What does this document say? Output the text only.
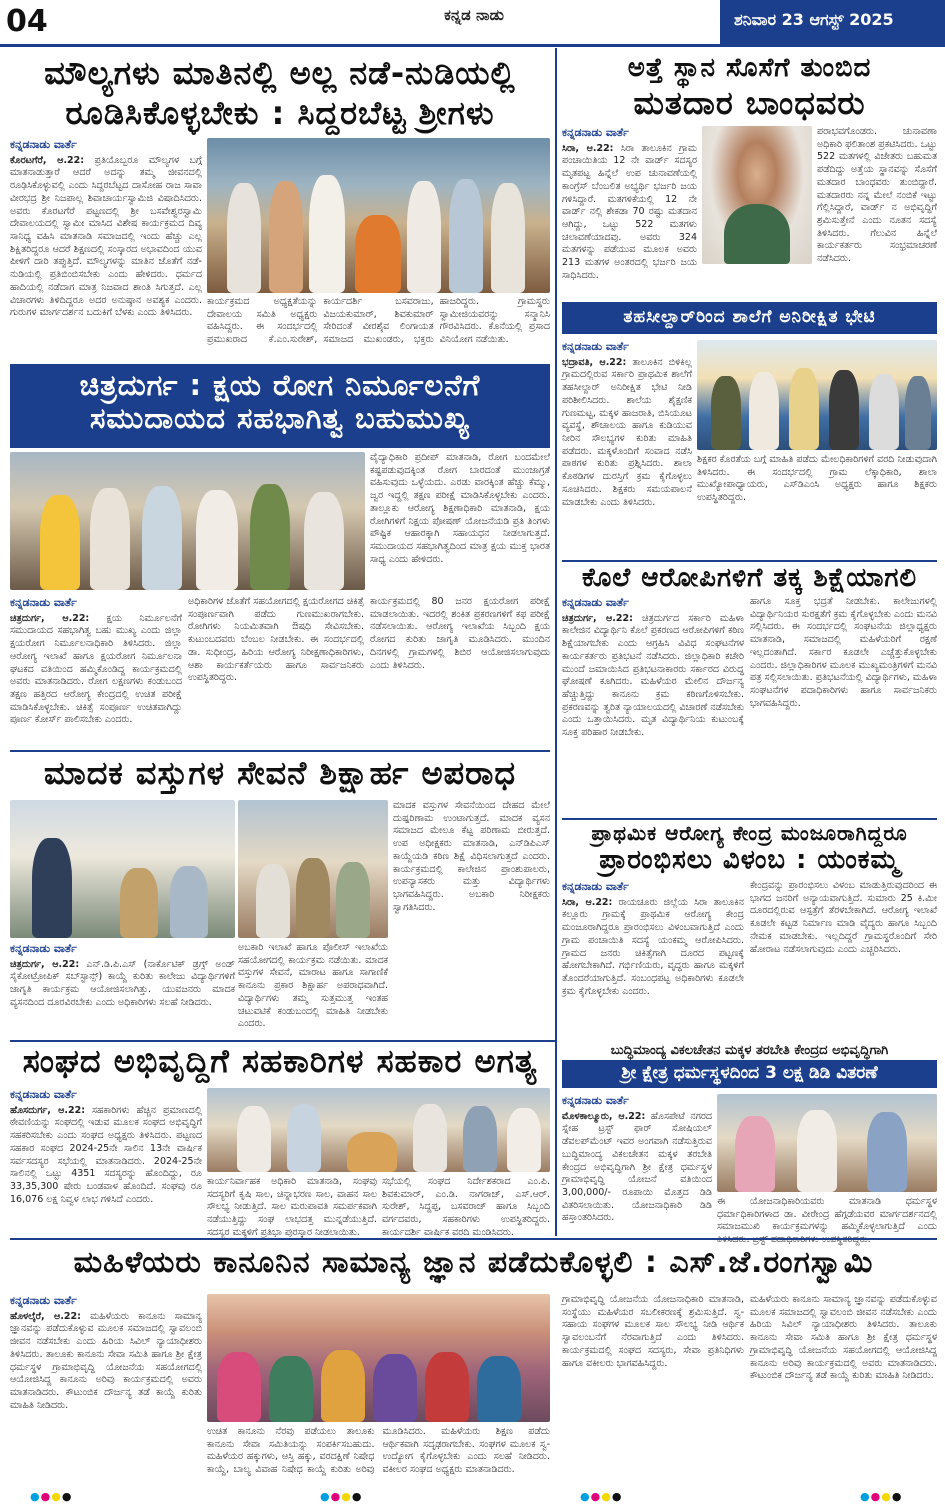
04	ಕನ್ನಡ ನಾಡು	ಶನಿವಾರ 23 ಆಗಸ್ಟ್ 2025
ಮೌಲ್ಯಗಳು ಮಾತಿನಲ್ಲಿ ಅಲ್ಲ ನಡೆ-ನುಡಿಯಲ್ಲಿ
ರೂಡಿಸಿಕೊಳ್ಳಬೇಕು : ಸಿದ್ದರಬೆಟ್ಟ ಶ್ರೀಗಳು
ಕನ್ನಡನಾಡು ವಾರ್ತೆ
ಕೊರಟಗೆರೆ, ಆ.22: ಪ್ರತಿಯೊಬ್ಬರೂ ಮೌಲ್ಯಗಳ ಬಗ್ಗೆ ಮಾತನಾಡುತ್ತಾರೆ ಆದರೆ ಅದನ್ನು ತಮ್ಮ ಜೀವನದಲ್ಲಿ ರೂಢಿಸಿಕೊಳ್ಳುವಲ್ಲಿ ಎಂದು ಸಿದ್ದರಬೆಟ್ಟದ ದಾಸೋಹ ರಾಜ ಸಾವಾ ವೀರಭದ್ರ ಶ್ರೀ ನಿಜಪಾಲ್ಲ ಶಿವಾಚಾರ್ಯಸ್ವಾಮಿಜಿ ವಿಷಾದಿಸಿದರು. ಅವರು ಕೊರಟಗೆರೆ ಪಟ್ಟಣದಲ್ಲಿ ಶ್ರೀ ಬಸವೇಶ್ವರಸ್ವಾಮಿ ದೇವಾಲಯದಲ್ಲಿ ಸ್ವಾಮೀ ಮಾಸಿದ ವಿಶೇಷ ಕಾರ್ಯಕ್ರಮದ ದಿವ್ಯ ಸಾನಿಧ್ಯ ವಹಿಸಿ ಮಾತನಾಡಿ ಸಮಾಜದಲ್ಲಿ ಇಂದು ಹೆಚ್ಚು ಎಲ್ಲ ಶಿಕ್ಷಿತರಿದ್ದರೂ ಆದರೆ ಶಿಕ್ಷಣದಲ್ಲಿ ಸಂಸ್ಕಾರದ ಅಭಾವದಿಂದ ಯುವ ಪೀಳಿಗೆ ದಾರಿ ತಪ್ಪುತ್ತಿದೆ. ಮೌಲ್ಯಗಳನ್ನು ಮಾತಿನ ಜೊತೆಗೆ ನಡೆ-ನುಡಿಯಲ್ಲಿ ಪ್ರತಿಬಿಂಬಿಸಬೇಕು ಎಂದು ಹೇಳಿದರು. ಧರ್ಮದ ಹಾದಿಯಲ್ಲಿ ನಡೆದಾಗ ಮಾತ್ರ ನಿಜವಾದ ಶಾಂತಿ ಸಿಗುತ್ತದೆ. ಎಲ್ಲ ವಿಚಾರಗಳು ತಿಳಿದಿದ್ದರೂ ಅದರ ಅನುಷ್ಠಾನ ಅವಶ್ಯಕ ಎಂದರು. ಗುರುಗಳ ಮಾರ್ಗದರ್ಶನ ಬದುಕಿಗೆ ಬೆಳಕು ಎಂದು ತಿಳಿಸಿದರು.
ಕಾರ್ಯಕ್ರಮದ ಅಧ್ಯಕ್ಷತೆಯನ್ನು ದೇವಾಲಯ ಸಮಿತಿ ಅಧ್ಯಕ್ಷರು ವಹಿಸಿದ್ದರು. ಈ ಸಂದರ್ಭದಲ್ಲಿ ಪ್ರಮುಖರಾದ ಕೆ.ಎಂ.ಸುರೇಶ್, ಕಾರ್ಯದರ್ಶಿ ಬಸವರಾಜು, ವಿಜಯಕುಮಾರ್, ಶಿವಕುಮಾರ್ ಸೇರಿದಂತೆ ವೀರಶೈವ ಲಿಂಗಾಯತ ಸಮಾಜದ ಮುಖಂಡರು, ಭಕ್ತರು ಹಾಜರಿದ್ದರು. ಗ್ರಾಮಸ್ಥರು ಸ್ವಾಮೀಜಿಯವರನ್ನು ಸನ್ಮಾನಿಸಿ ಗೌರವಿಸಿದರು. ಕೊನೆಯಲ್ಲಿ ಪ್ರಸಾದ ವಿನಿಯೋಗ ನಡೆಯಿತು.
ಚಿತ್ರದುರ್ಗ : ಕ್ಷಯ ರೋಗ ನಿರ್ಮೂಲನೆಗೆ
ಸಮುದಾಯದ ಸಹಭಾಗಿತ್ವ ಬಹುಮುಖ್ಯ
ವೈದ್ಯಾಧಿಕಾರಿ ಪ್ರದೀಪ್ ಮಾತನಾಡಿ, ರೋಗ ಬಂದಮೇಲೆ ಕಷ್ಟಪಡುವುದಕ್ಕಿಂತ ರೋಗ ಬಾರದಂತೆ ಮುಂಜಾಗ್ರತೆ ವಹಿಸುವುದು ಒಳ್ಳೆಯದು. ಎರಡು ವಾರಕ್ಕಿಂತ ಹೆಚ್ಚು ಕೆಮ್ಮು, ಜ್ವರ ಇದ್ದಲ್ಲಿ ತಕ್ಷಣ ಪರೀಕ್ಷೆ ಮಾಡಿಸಿಕೊಳ್ಳಬೇಕು ಎಂದರು. ತಾಲ್ಲೂಕು ಆರೋಗ್ಯ ಶಿಕ್ಷಣಾಧಿಕಾರಿ ಮಾತನಾಡಿ, ಕ್ಷಯ ರೋಗಿಗಳಿಗೆ ನಿಕ್ಷಯ ಪೋಷಣ್ ಯೋಜನೆಯಡಿ ಪ್ರತಿ ತಿಂಗಳು ಪೌಷ್ಟಿಕ ಆಹಾರಕ್ಕಾಗಿ ಸಹಾಯಧನ ನೀಡಲಾಗುತ್ತದೆ. ಸಮುದಾಯದ ಸಹಭಾಗಿತ್ವದಿಂದ ಮಾತ್ರ ಕ್ಷಯ ಮುಕ್ತ ಭಾರತ ಸಾಧ್ಯ ಎಂದು ಹೇಳಿದರು.
ಕನ್ನಡನಾಡು ವಾರ್ತೆ
ಚಿತ್ರದುರ್ಗ, ಆ.22: ಕ್ಷಯ ನಿರ್ಮೂಲನೆಗೆ ಸಮುದಾಯದ ಸಹಭಾಗಿತ್ವ ಬಹು ಮುಖ್ಯ ಎಂದು ಜಿಲ್ಲಾ ಕ್ಷಯರೋಗ ನಿರ್ಮೂಲನಾಧಿಕಾರಿ ತಿಳಿಸಿದರು. ಜಿಲ್ಲಾ ಆರೋಗ್ಯ ಇಲಾಖೆ ಹಾಗೂ ಕ್ಷಯರೋಗ ನಿರ್ಮೂಲನಾ ಘಟಕದ ವತಿಯಿಂದ ಹಮ್ಮಿಕೊಂಡಿದ್ದ ಕಾರ್ಯಕ್ರಮದಲ್ಲಿ ಅವರು ಮಾತನಾಡಿದರು. ರೋಗ ಲಕ್ಷಣಗಳು ಕಂಡುಬಂದ ತಕ್ಷಣ ಹತ್ತಿರದ ಆರೋಗ್ಯ ಕೇಂದ್ರದಲ್ಲಿ ಉಚಿತ ಪರೀಕ್ಷೆ ಮಾಡಿಸಿಕೊಳ್ಳಬೇಕು. ಚಿಕಿತ್ಸೆ ಸಂಪೂರ್ಣ ಉಚಿತವಾಗಿದ್ದು ಪೂರ್ಣ ಕೋರ್ಸ್ ಪಾಲಿಸಬೇಕು ಎಂದರು.
ಅಧಿಕಾರಿಗಳ ಜೊತೆಗೆ ಸಹಯೋಗದಲ್ಲಿ ಕ್ಷಯರೋಗದ ಚಿಕಿತ್ಸೆ ಸಂಪೂರ್ಣವಾಗಿ ಪಡೆದು ಗುಣಮುಖರಾಗಬೇಕು. ರೋಗಿಗಳು ನಿಯಮಿತವಾಗಿ ಔಷಧಿ ಸೇವಿಸಬೇಕು. ಕುಟುಂಬದವರು ಬೆಂಬಲ ನೀಡಬೇಕು. ಈ ಸಂದರ್ಭದಲ್ಲಿ ಡಾ. ಸುಧೀಂದ್ರ, ಹಿರಿಯ ಆರೋಗ್ಯ ನಿರೀಕ್ಷಣಾಧಿಕಾರಿಗಳು, ಆಶಾ ಕಾರ್ಯಕರ್ತೆಯರು ಹಾಗೂ ಸಾರ್ವಜನಿಕರು ಉಪಸ್ಥಿತರಿದ್ದರು.
ಕಾರ್ಯಕ್ರಮದಲ್ಲಿ 80 ಜನರ ಕ್ಷಯರೋಗ ಪರೀಕ್ಷೆ ಮಾಡಲಾಯಿತು. ಇದರಲ್ಲಿ ಶಂಕಿತ ಪ್ರಕರಣಗಳಿಗೆ ಕಫ ಪರೀಕ್ಷೆ ನಡೆಸಲಾಯಿತು. ಆರೋಗ್ಯ ಇಲಾಖೆಯ ಸಿಬ್ಬಂದಿ ಕ್ಷಯ ರೋಗದ ಕುರಿತು ಜಾಗೃತಿ ಮೂಡಿಸಿದರು. ಮುಂದಿನ ದಿನಗಳಲ್ಲಿ ಗ್ರಾಮಗಳಲ್ಲಿ ಶಿಬಿರ ಆಯೋಜಿಸಲಾಗುವುದು ಎಂದು ತಿಳಿಸಿದರು.
ಮಾದಕ ವಸ್ತುಗಳ ಸೇವನೆ ಶಿಕ್ಷಾರ್ಹ ಅಪರಾಧ
ಕನ್ನಡನಾಡು ವಾರ್ತೆ
ಚಿತ್ರದುರ್ಗ, ಆ.22: ಎನ್.ಡಿ.ಪಿ.ಎಸ್ (ನಾರ್ಕೊಟಿಕ್ ಡ್ರಗ್ಸ್ ಅಂಡ್ ಸೈಕೋಟ್ರೋಪಿಕ್ ಸಬ್‌ಸ್ಟಾನ್ಸ್) ಕಾಯ್ದೆ ಕುರಿತು ಕಾಲೇಜು ವಿದ್ಯಾರ್ಥಿಗಳಿಗೆ ಜಾಗೃತಿ ಕಾರ್ಯಕ್ರಮ ಆಯೋಜಿಸಲಾಗಿತ್ತು. ಯುವಜನರು ಮಾದಕ ವ್ಯಸನದಿಂದ ದೂರವಿರಬೇಕು ಎಂದು ಅಧಿಕಾರಿಗಳು ಸಲಹೆ ನೀಡಿದರು.
ಅಬಕಾರಿ ಇಲಾಖೆ ಹಾಗೂ ಪೊಲೀಸ್ ಇಲಾಖೆಯ ಸಹಯೋಗದಲ್ಲಿ ಕಾರ್ಯಕ್ರಮ ನಡೆಯಿತು. ಮಾದಕ ವಸ್ತುಗಳ ಸೇವನೆ, ಮಾರಾಟ ಹಾಗೂ ಸಾಗಾಣಿಕೆ ಕಾನೂನು ಪ್ರಕಾರ ಶಿಕ್ಷಾರ್ಹ ಅಪರಾಧವಾಗಿದೆ. ವಿದ್ಯಾರ್ಥಿಗಳು ತಮ್ಮ ಸುತ್ತಮುತ್ತ ಇಂತಹ ಚಟುವಟಿಕೆ ಕಂಡುಬಂದಲ್ಲಿ ಮಾಹಿತಿ ನೀಡಬೇಕು ಎಂದರು.
ಮಾದಕ ವಸ್ತುಗಳ ಸೇವನೆಯಿಂದ ದೇಹದ ಮೇಲೆ ದುಷ್ಪರಿಣಾಮ ಉಂಟಾಗುತ್ತದೆ. ಮಾದಕ ವ್ಯಸನ ಸಮಾಜದ ಮೇಲೂ ಕೆಟ್ಟ ಪರಿಣಾಮ ಬೀರುತ್ತದೆ. ಉಪ ಅಧೀಕ್ಷಕರು ಮಾತನಾಡಿ, ಎನ್‌ಡಿಪಿಎಸ್ ಕಾಯ್ದೆಯಡಿ ಕಠಿಣ ಶಿಕ್ಷೆ ವಿಧಿಸಲಾಗುತ್ತದೆ ಎಂದರು. ಕಾರ್ಯಕ್ರಮದಲ್ಲಿ ಕಾಲೇಜಿನ ಪ್ರಾಂಶುಪಾಲರು, ಉಪನ್ಯಾಸಕರು ಮತ್ತು ವಿದ್ಯಾರ್ಥಿಗಳು ಭಾಗವಹಿಸಿದ್ದರು. ಅಬಕಾರಿ ನಿರೀಕ್ಷಕರು ಸ್ವಾಗತಿಸಿದರು.
ಅತ್ತೆ ಸ್ಥಾನ ಸೊಸೆಗೆ ತುಂಬಿದ
ಮತದಾರ ಬಾಂಧವರು
ಕನ್ನಡನಾಡು ವಾರ್ತೆ
ಸಿರಾ, ಆ.22: ಸಿರಾ ತಾಲೂಕಿನ ಗ್ರಾಮ ಪಂಚಾಯಿತಿಯ 12 ನೇ ವಾರ್ಡ್ ಸದಸ್ಯರ ಮೃತಪಟ್ಟ ಹಿನ್ನೆಲೆ ಉಪ ಚುನಾವಣೆಯಲ್ಲಿ ಕಾಂಗ್ರೆಸ್ ಬೆಂಬಲಿತ ಅಭ್ಯರ್ಥಿ ಭರ್ಜರಿ ಜಯ ಗಳಿಸಿದ್ದಾರೆ. ಮತಗಳಿಕೆಯಲ್ಲಿ 12 ನೇ ವಾರ್ಡ್ ನಲ್ಲಿ ಶೇಕಡಾ 70 ರಷ್ಟು ಮತದಾನ ಆಗಿದ್ದು, ಒಟ್ಟು 522 ಮತಗಳು ಚಲಾವಣೆಯಾದವು. ಅವರು 324 ಮತಗಳನ್ನು ಪಡೆಯುವ ಮೂಲಕ ಅವರು 213 ಮತಗಳ ಅಂತರದಲ್ಲಿ ಭರ್ಜರಿ ಜಯ ಸಾಧಿಸಿದರು.
ಪರಾಭವಗೊಂಡರು. ಚುನಾವಣಾ ಅಧಿಕಾರಿ ಫಲಿತಾಂಶ ಪ್ರಕಟಿಸಿದರು. ಒಟ್ಟು 522 ಮತಗಳಲ್ಲಿ ವಿಜೇತರು ಬಹುಮತ ಪಡೆದಿದ್ದು ಅತ್ತೆಯ ಸ್ಥಾನವನ್ನು ಸೊಸೆಗೆ ಮತದಾರ ಬಾಂಧವರು ತುಂಬಿದ್ದಾರೆ. ಮತದಾರರು ನನ್ನ ಮೇಲೆ ನಂಬಿಕೆ ಇಟ್ಟು ಗೆಲ್ಲಿಸಿದ್ದಾರೆ, ವಾರ್ಡ್ ನ ಅಭಿವೃದ್ಧಿಗೆ ಶ್ರಮಿಸುತ್ತೇನೆ ಎಂದು ನೂತನ ಸದಸ್ಯೆ ತಿಳಿಸಿದರು. ಗೆಲುವಿನ ಹಿನ್ನೆಲೆ ಕಾರ್ಯಕರ್ತರು ಸಂಭ್ರಮಾಚರಣೆ ನಡೆಸಿದರು.
ತಹಸೀಲ್ದಾರ್‌ರಿಂದ ಶಾಲೆಗೆ ಅನಿರೀಕ್ಷಿತ ಭೇಟಿ
ಕನ್ನಡನಾಡು ವಾರ್ತೆ
ಭದ್ರಾವತಿ, ಆ.22: ತಾಲೂಕಿನ ಬಿಳಿಕಿಲ್ಲ ಗ್ರಾಮದಲ್ಲಿರುವ ಸರ್ಕಾರಿ ಪ್ರಾಥಮಿಕ ಶಾಲೆಗೆ ತಹಸೀಲ್ದಾರ್ ಅನಿರೀಕ್ಷಿತ ಭೇಟಿ ನೀಡಿ ಪರಿಶೀಲಿಸಿದರು. ಶಾಲೆಯ ಶೈಕ್ಷಣಿಕ ಗುಣಮಟ್ಟ, ಮಕ್ಕಳ ಹಾಜರಾತಿ, ಬಿಸಿಯೂಟ ವ್ಯವಸ್ಥೆ, ಶೌಚಾಲಯ ಹಾಗೂ ಕುಡಿಯುವ ನೀರಿನ ಸೌಲಭ್ಯಗಳ ಕುರಿತು ಮಾಹಿತಿ ಪಡೆದರು. ಮಕ್ಕಳೊಂದಿಗೆ ಸಂವಾದ ನಡೆಸಿ ಪಾಠಗಳ ಕುರಿತು ಪ್ರಶ್ನಿಸಿದರು. ಶಾಲಾ ಕೊಠಡಿಗಳ ದುರಸ್ತಿಗೆ ಕ್ರಮ ಕೈಗೊಳ್ಳಲು ಸೂಚಿಸಿದರು. ಶಿಕ್ಷಕರು ಸಮಯಪಾಲನೆ ಮಾಡಬೇಕು ಎಂದು ತಿಳಿಸಿದರು.
ಶಿಕ್ಷಕರ ಕೊರತೆಯ ಬಗ್ಗೆ ಮಾಹಿತಿ ಪಡೆದು ಮೇಲಧಿಕಾರಿಗಳಿಗೆ ವರದಿ ನೀಡುವುದಾಗಿ ತಿಳಿಸಿದರು. ಈ ಸಂದರ್ಭದಲ್ಲಿ ಗ್ರಾಮ ಲೆಕ್ಕಾಧಿಕಾರಿ, ಶಾಲಾ ಮುಖ್ಯೋಪಾಧ್ಯಾಯರು, ಎಸ್‌ಡಿಎಂಸಿ ಅಧ್ಯಕ್ಷರು ಹಾಗೂ ಶಿಕ್ಷಕರು ಉಪಸ್ಥಿತರಿದ್ದರು.
ಕೊಲೆ ಆರೋಪಿಗಳಿಗೆ ತಕ್ಕ ಶಿಕ್ಷೆಯಾಗಲಿ
ಕನ್ನಡನಾಡು ವಾರ್ತೆ
ಚಿತ್ರದುರ್ಗ, ಆ.22: ಚಿತ್ರದುರ್ಗದ ಸರ್ಕಾರಿ ಮಹಿಳಾ ಕಾಲೇಜಿನ ವಿದ್ಯಾರ್ಥಿನಿ ಕೊಲೆ ಪ್ರಕರಣದ ಆರೋಪಿಗಳಿಗೆ ಕಠಿಣ ಶಿಕ್ಷೆಯಾಗಬೇಕು ಎಂದು ಆಗ್ರಹಿಸಿ ವಿವಿಧ ಸಂಘಟನೆಗಳ ಕಾರ್ಯಕರ್ತರು ಪ್ರತಿಭಟನೆ ನಡೆಸಿದರು. ಜಿಲ್ಲಾಧಿಕಾರಿ ಕಚೇರಿ ಮುಂದೆ ಜಮಾಯಿಸಿದ ಪ್ರತಿಭಟನಾಕಾರರು ಸರ್ಕಾರದ ವಿರುದ್ಧ ಘೋಷಣೆ ಕೂಗಿದರು. ಮಹಿಳೆಯರ ಮೇಲಿನ ದೌರ್ಜನ್ಯ ಹೆಚ್ಚುತ್ತಿದ್ದು ಕಾನೂನು ಕ್ರಮ ಕಠಿಣಗೊಳಿಸಬೇಕು. ಪ್ರಕರಣವನ್ನು ತ್ವರಿತ ನ್ಯಾಯಾಲಯದಲ್ಲಿ ವಿಚಾರಣೆ ನಡೆಸಬೇಕು ಎಂದು ಒತ್ತಾಯಿಸಿದರು. ಮೃತ ವಿದ್ಯಾರ್ಥಿನಿಯ ಕುಟುಂಬಕ್ಕೆ ಸೂಕ್ತ ಪರಿಹಾರ ನೀಡಬೇಕು.
ಹಾಗೂ ಸೂಕ್ತ ಭದ್ರತೆ ನೀಡಬೇಕು. ಕಾಲೇಜುಗಳಲ್ಲಿ ವಿದ್ಯಾರ್ಥಿನಿಯರ ಸುರಕ್ಷತೆಗೆ ಕ್ರಮ ಕೈಗೊಳ್ಳಬೇಕು ಎಂದು ಮನವಿ ಸಲ್ಲಿಸಿದರು. ಈ ಸಂದರ್ಭದಲ್ಲಿ ಸಂಘಟನೆಯ ಜಿಲ್ಲಾಧ್ಯಕ್ಷರು ಮಾತನಾಡಿ, ಸಮಾಜದಲ್ಲಿ ಮಹಿಳೆಯರಿಗೆ ರಕ್ಷಣೆ ಇಲ್ಲದಂತಾಗಿದೆ. ಸರ್ಕಾರ ಕೂಡಲೇ ಎಚ್ಚೆತ್ತುಕೊಳ್ಳಬೇಕು ಎಂದರು. ಜಿಲ್ಲಾಧಿಕಾರಿಗಳ ಮೂಲಕ ಮುಖ್ಯಮಂತ್ರಿಗಳಿಗೆ ಮನವಿ ಪತ್ರ ಸಲ್ಲಿಸಲಾಯಿತು. ಪ್ರತಿಭಟನೆಯಲ್ಲಿ ವಿದ್ಯಾರ್ಥಿಗಳು, ಮಹಿಳಾ ಸಂಘಟನೆಗಳ ಪದಾಧಿಕಾರಿಗಳು ಹಾಗೂ ಸಾರ್ವಜನಿಕರು ಭಾಗವಹಿಸಿದ್ದರು.
ಪ್ರಾಥಮಿಕ ಆರೋಗ್ಯ ಕೇಂದ್ರ ಮಂಜೂರಾಗಿದ್ದರೂ
ಪ್ರಾರಂಭಿಸಲು ವಿಳಂಬ : ಯಂಕಮ್ಮ
ಕನ್ನಡನಾಡು ವಾರ್ತೆ
ಸಿರಾ, ಆ.22: ರಾಯಚೂರು ಜಿಲ್ಲೆಯ ಸಿರಾ ತಾಲೂಕಿನ ಕಲ್ಲೂರು ಗ್ರಾಮಕ್ಕೆ ಪ್ರಾಥಮಿಕ ಆರೋಗ್ಯ ಕೇಂದ್ರ ಮಂಜೂರಾಗಿದ್ದರೂ ಪ್ರಾರಂಭಿಸಲು ವಿಳಂಬವಾಗುತ್ತಿದೆ ಎಂದು ಗ್ರಾಮ ಪಂಚಾಯಿತಿ ಸದಸ್ಯೆ ಯಂಕಮ್ಮ ಆರೋಪಿಸಿದರು. ಗ್ರಾಮದ ಜನರು ಚಿಕಿತ್ಸೆಗಾಗಿ ದೂರದ ಪಟ್ಟಣಕ್ಕೆ ಹೋಗಬೇಕಾಗಿದೆ. ಗರ್ಭಿಣಿಯರು, ವೃದ್ಧರು ಹಾಗೂ ಮಕ್ಕಳಿಗೆ ತೊಂದರೆಯಾಗುತ್ತಿದೆ. ಸಂಬಂಧಪಟ್ಟ ಅಧಿಕಾರಿಗಳು ಕೂಡಲೇ ಕ್ರಮ ಕೈಗೊಳ್ಳಬೇಕು ಎಂದರು.
ಕೇಂದ್ರವನ್ನು ಪ್ರಾರಂಭಿಸಲು ವಿಳಂಬ ಮಾಡುತ್ತಿರುವುದರಿಂದ ಈ ಭಾಗದ ಜನರಿಗೆ ಅನ್ಯಾಯವಾಗುತ್ತಿದೆ. ಸುಮಾರು 25 ಕಿ.ಮೀ ದೂರದಲ್ಲಿರುವ ಆಸ್ಪತ್ರೆಗೆ ತೆರಳಬೇಕಾಗಿದೆ. ಆರೋಗ್ಯ ಇಲಾಖೆ ಕೂಡಲೇ ಕಟ್ಟಡ ನಿರ್ಮಾಣ ಮಾಡಿ ವೈದ್ಯರು ಹಾಗೂ ಸಿಬ್ಬಂದಿ ನೇಮಕ ಮಾಡಬೇಕು. ಇಲ್ಲದಿದ್ದರೆ ಗ್ರಾಮಸ್ಥರೊಂದಿಗೆ ಸೇರಿ ಹೋರಾಟ ನಡೆಸಲಾಗುವುದು ಎಂದು ಎಚ್ಚರಿಸಿದರು.
ಸಂಘದ ಅಭಿವೃದ್ದಿಗೆ ಸಹಕಾರಿಗಳ ಸಹಕಾರ ಅಗತ್ಯ
ಕನ್ನಡನಾಡು ವಾರ್ತೆ
ಹೊಸದುರ್ಗ, ಆ.22: ಸಹಕಾರಿಗಳು ಹೆಚ್ಚಿನ ಪ್ರಮಾಣದಲ್ಲಿ ಠೇವಣಿಯನ್ನು ಸಂಘದಲ್ಲಿ ಇಡುವ ಮೂಲಕ ಸಂಘದ ಅಭಿವೃದ್ಧಿಗೆ ಸಹಕರಿಸಬೇಕು ಎಂದು ಸಂಘದ ಅಧ್ಯಕ್ಷರು ತಿಳಿಸಿದರು. ಪಟ್ಟಣದ ಸಹಕಾರ ಸಂಘದ 2024-25ನೇ ಸಾಲಿನ 13ನೇ ವಾರ್ಷಿಕ ಸರ್ವಸದಸ್ಯರ ಸಭೆಯಲ್ಲಿ ಮಾತನಾಡಿದರು. 2024-25ನೇ ಸಾಲಿನಲ್ಲಿ ಒಟ್ಟು 4351 ಸದಸ್ಯರನ್ನು ಹೊಂದಿದ್ದು, ರೂ 33,35,300 ಷೇರು ಬಂಡವಾಳ ಹೊಂದಿದೆ. ಸಂಘವು ರೂ 16,076 ಲಕ್ಷ ನಿವ್ವಳ ಲಾಭ ಗಳಿಸಿದೆ ಎಂದರು.
ಕಾರ್ಯನಿರ್ವಾಹಕ ಅಧಿಕಾರಿ ಮಾತನಾಡಿ, ಸಂಘವು ಸದಸ್ಯರಿಗೆ ಕೃಷಿ ಸಾಲ, ಚಿನ್ನಾಭರಣ ಸಾಲ, ವಾಹನ ಸಾಲ ಸೌಲಭ್ಯ ನೀಡುತ್ತಿದೆ. ಸಾಲ ಮರುಪಾವತಿ ಸಮರ್ಪಕವಾಗಿ ನಡೆಯುತ್ತಿದ್ದು ಸಂಘ ಲಾಭದತ್ತ ಮುನ್ನಡೆಯುತ್ತಿದೆ. ಸದಸ್ಯರ ಮಕ್ಕಳಿಗೆ ಪ್ರತಿಭಾ ಪುರಸ್ಕಾರ ನೀಡಲಾಯಿತು.
ಸಭೆಯಲ್ಲಿ ಸಂಘದ ನಿರ್ದೇಶಕರಾದ ಎಂ.ಪಿ. ಶಿವಕುಮಾರ್, ಎಂ.ಡಿ. ನಾಗರಾಜ್, ಎಸ್.ಆರ್. ಸುರೇಶ್, ಸಿದ್ದಪ್ಪ, ಬಸವರಾಜ್ ಹಾಗೂ ಸಿಬ್ಬಂದಿ ವರ್ಗದವರು, ಸಹಕಾರಿಗಳು ಉಪಸ್ಥಿತರಿದ್ದರು. ಕಾರ್ಯದರ್ಶಿ ವಾರ್ಷಿಕ ವರದಿ ಮಂಡಿಸಿದರು.
ಬುದ್ಧಿಮಾಂದ್ಯ ವಿಕಲಚೇತನ ಮಕ್ಕಳ ತರಬೇತಿ ಕೇಂದ್ರದ ಅಭಿವೃದ್ಧಿಗಾಗಿ
ಶ್ರೀ ಕ್ಷೇತ್ರ ಧರ್ಮಸ್ಥಳದಿಂದ 3 ಲಕ್ಷ ಡಿಡಿ ವಿತರಣೆ
ಕನ್ನಡನಾಡು ವಾರ್ತೆ
ಮೊಳಕಾಲ್ಮೂರು, ಆ.22: ಹೊಸಪೇಟೆ ನಗರದ ಸ್ನೇಹ ಟ್ರಸ್ಟ್ ಫಾರ್ ಸೋಷಿಯಲ್ ಡೆವಲಪ್‌ಮೆಂಟ್ ಇವರ ಅಂಗವಾಗಿ ನಡೆಸುತ್ತಿರುವ ಬುದ್ಧಿಮಾಂದ್ಯ ವಿಕಲಚೇತನ ಮಕ್ಕಳ ತರಬೇತಿ ಕೇಂದ್ರದ ಅಭಿವೃದ್ಧಿಗಾಗಿ ಶ್ರೀ ಕ್ಷೇತ್ರ ಧರ್ಮಸ್ಥಳ ಗ್ರಾಮಾಭಿವೃದ್ಧಿ ಯೋಜನೆ ವತಿಯಿಂದ 3,00,000/- ರೂಪಾಯಿ ಮೊತ್ತದ ಡಿಡಿ ವಿತರಿಸಲಾಯಿತು. ಯೋಜನಾಧಿಕಾರಿ ಡಿಡಿ ಹಸ್ತಾಂತರಿಸಿದರು.
ಈ ಯೋಜನಾಧಿಕಾರಿಯವರು ಮಾತನಾಡಿ ಧರ್ಮಸ್ಥಳ ಧರ್ಮಾಧಿಕಾರಿಗಳಾದ ಡಾ. ವೀರೇಂದ್ರ ಹೆಗ್ಗಡೆಯವರ ಮಾರ್ಗದರ್ಶನದಲ್ಲಿ ಸಮಾಜಮುಖಿ ಕಾರ್ಯಕ್ರಮಗಳನ್ನು ಹಮ್ಮಿಕೊಳ್ಳಲಾಗುತ್ತಿದೆ ಎಂದು
ಮಹಿಳೆಯರು ಕಾನೂನಿನ ಸಾಮಾನ್ಯ ಜ್ಞಾನ ಪಡೆದುಕೊಳ್ಳಲಿ : ಎಸ್.ಜೆ.ರಂಗಸ್ವಾಮಿ
ಕನ್ನಡನಾಡು ವಾರ್ತೆ
ಹೊಳಲ್ಕೆರೆ, ಆ.22: ಮಹಿಳೆಯರು ಕಾನೂನು ಸಾಮಾನ್ಯ ಜ್ಞಾನವನ್ನು ಪಡೆದುಕೊಳ್ಳುವ ಮೂಲಕ ಸಮಾಜದಲ್ಲಿ ಸ್ವಾವಲಂಬಿ ಜೀವನ ನಡೆಸಬೇಕು ಎಂದು ಹಿರಿಯ ಸಿವಿಲ್ ನ್ಯಾಯಾಧೀಶರು ತಿಳಿಸಿದರು. ತಾಲೂಕು ಕಾನೂನು ಸೇವಾ ಸಮಿತಿ ಹಾಗೂ ಶ್ರೀ ಕ್ಷೇತ್ರ ಧರ್ಮಸ್ಥಳ ಗ್ರಾಮಾಭಿವೃದ್ಧಿ ಯೋಜನೆಯ ಸಹಯೋಗದಲ್ಲಿ ಆಯೋಜಿಸಿದ್ದ ಕಾನೂನು ಅರಿವು ಕಾರ್ಯಕ್ರಮದಲ್ಲಿ ಅವರು ಮಾತನಾಡಿದರು. ಕೌಟುಂಬಿಕ ದೌರ್ಜನ್ಯ ತಡೆ ಕಾಯ್ದೆ ಕುರಿತು ಮಾಹಿತಿ ನೀಡಿದರು.
ಉಚಿತ ಕಾನೂನು ನೆರವು ಪಡೆಯಲು ತಾಲೂಕು ಕಾನೂನು ಸೇವಾ ಸಮಿತಿಯನ್ನು ಸಂಪರ್ಕಿಸಬಹುದು. ಮಹಿಳೆಯರ ಹಕ್ಕುಗಳು, ಆಸ್ತಿ ಹಕ್ಕು, ವರದಕ್ಷಿಣೆ ನಿಷೇಧ ಕಾಯ್ದೆ, ಬಾಲ್ಯ ವಿವಾಹ ನಿಷೇಧ ಕಾಯ್ದೆ ಕುರಿತು ಅರಿವು ಮೂಡಿಸಿದರು. ಮಹಿಳೆಯರು ಶಿಕ್ಷಣ ಪಡೆದು ಆರ್ಥಿಕವಾಗಿ ಸದೃಢರಾಗಬೇಕು. ಸಂಘಗಳ ಮೂಲಕ ಸ್ವ-ಉದ್ಯೋಗ ಕೈಗೊಳ್ಳಬೇಕು ಎಂದು ಸಲಹೆ ನೀಡಿದರು. ವಕೀಲರ ಸಂಘದ ಅಧ್ಯಕ್ಷರು ಮಾತನಾಡಿದರು.
ಗ್ರಾಮಾಭಿವೃದ್ಧಿ ಯೋಜನೆಯ ಯೋಜನಾಧಿಕಾರಿ ಮಾತನಾಡಿ, ಸಂಸ್ಥೆಯು ಮಹಿಳೆಯರ ಸಬಲೀಕರಣಕ್ಕೆ ಶ್ರಮಿಸುತ್ತಿದೆ. ಸ್ವ-ಸಹಾಯ ಸಂಘಗಳ ಮೂಲಕ ಸಾಲ ಸೌಲಭ್ಯ ನೀಡಿ ಆರ್ಥಿಕ ಸ್ವಾವಲಂಬನೆಗೆ ನೆರವಾಗುತ್ತಿದೆ ಎಂದು ತಿಳಿಸಿದರು. ಕಾರ್ಯಕ್ರಮದಲ್ಲಿ ಸಂಘದ ಸದಸ್ಯರು, ಸೇವಾ ಪ್ರತಿನಿಧಿಗಳು ಹಾಗೂ ವಕೀಲರು ಭಾಗವಹಿಸಿದ್ದರು.
ಮಹಿಳೆಯರು ಕಾನೂನು ಸಾಮಾನ್ಯ ಜ್ಞಾನವನ್ನು ಪಡೆದುಕೊಳ್ಳುವ ಮೂಲಕ ಸಮಾಜದಲ್ಲಿ ಸ್ವಾವಲಂಬಿ ಜೀವನ ನಡೆಸಬೇಕು ಎಂದು ಹಿರಿಯ ಸಿವಿಲ್ ನ್ಯಾಯಾಧೀಶರು ತಿಳಿಸಿದರು. ತಾಲೂಕು ಕಾನೂನು ಸೇವಾ ಸಮಿತಿ ಹಾಗೂ ಶ್ರೀ ಕ್ಷೇತ್ರ ಧರ್ಮಸ್ಥಳ ಗ್ರಾಮಾಭಿವೃದ್ಧಿ ಯೋಜನೆಯ ಸಹಯೋಗದಲ್ಲಿ ಆಯೋಜಿಸಿದ್ದ ಕಾನೂನು ಅರಿವು ಕಾರ್ಯಕ್ರಮದಲ್ಲಿ ಅವರು ಮಾತನಾಡಿದರು. ಕೌಟುಂಬಿಕ ದೌರ್ಜನ್ಯ ತಡೆ ಕಾಯ್ದೆ ಕುರಿತು ಮಾಹಿತಿ ನೀಡಿದರು.
●●●●	●●●●	●●●●	●●●●
